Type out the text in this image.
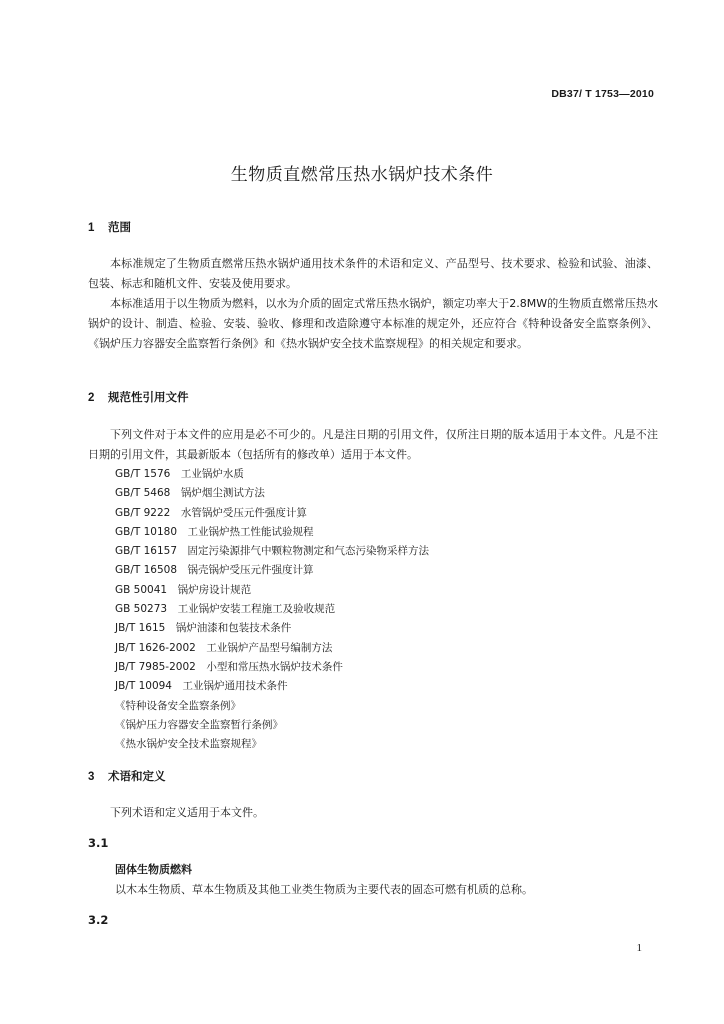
DB37/ T 1753—2010
生物质直燃常压热水锅炉技术条件
1 范围
本标准规定了生物质直燃常压热水锅炉通用技术条件的术语和定义、产品型号、技术要求、检验和试验、油漆、包装、标志和随机文件、安装及使用要求。
本标准适用于以生物质为燃料，以水为介质的固定式常压热水锅炉，额定功率大于2.8MW的生物质直燃常压热水锅炉的设计、制造、检验、安装、验收、修理和改造除遵守本标准的规定外，还应符合《特种设备安全监察条例》、《锅炉压力容器安全监察暂行条例》和《热水锅炉安全技术监察规程》的相关规定和要求。
2 规范性引用文件
下列文件对于本文件的应用是必不可少的。凡是注日期的引用文件，仅所注日期的版本适用于本文件。凡是不注日期的引用文件，其最新版本（包括所有的修改单）适用于本文件。
GB/T 1576　工业锅炉水质
GB/T 5468　锅炉烟尘测试方法
GB/T 9222　水管锅炉受压元件强度计算
GB/T 10180　工业锅炉热工性能试验规程
GB/T 16157　固定污染源排气中颗粒物测定和气态污染物采样方法
GB/T 16508　锅壳锅炉受压元件强度计算
GB 50041　锅炉房设计规范
GB 50273　工业锅炉安装工程施工及验收规范
JB/T 1615　锅炉油漆和包装技术条件
JB/T 1626-2002　工业锅炉产品型号编制方法
JB/T 7985-2002　小型和常压热水锅炉技术条件
JB/T 10094　工业锅炉通用技术条件
《特种设备安全监察条例》
《锅炉压力容器安全监察暂行条例》
《热水锅炉安全技术监察规程》
3 术语和定义
下列术语和定义适用于本文件。
3.1
固体生物质燃料
以木本生物质、草本生物质及其他工业类生物质为主要代表的固态可燃有机质的总称。
3.2
1
